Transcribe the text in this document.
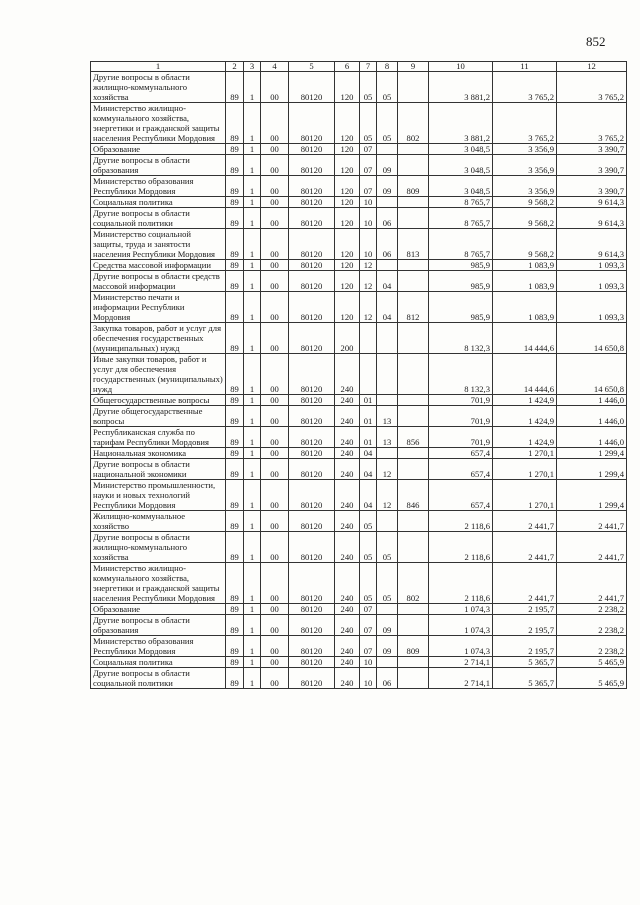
852
1	2	3	4	5	6	7	8	9	10	11	12
Другие вопросы в области жилищно-коммунального хозяйства	89	1	00	80120	120	05	05		3 881,2	3 765,2	3 765,2
Министерство жилищно-коммунального хозяйства, энергетики и гражданской защиты населения Республики Мордовия	89	1	00	80120	120	05	05	802	3 881,2	3 765,2	3 765,2
Образование	89	1	00	80120	120	07			3 048,5	3 356,9	3 390,7
Другие вопросы в области образования	89	1	00	80120	120	07	09		3 048,5	3 356,9	3 390,7
Министерство образования Республики Мордовия	89	1	00	80120	120	07	09	809	3 048,5	3 356,9	3 390,7
Социальная политика	89	1	00	80120	120	10			8 765,7	9 568,2	9 614,3
Другие вопросы в области социальной политики	89	1	00	80120	120	10	06		8 765,7	9 568,2	9 614,3
Министерство социальной защиты, труда и занятости населения Республики Мордовия	89	1	00	80120	120	10	06	813	8 765,7	9 568,2	9 614,3
Средства массовой информации	89	1	00	80120	120	12			985,9	1 083,9	1 093,3
Другие вопросы в области средств массовой информации	89	1	00	80120	120	12	04		985,9	1 083,9	1 093,3
Министерство печати и информации Республики Мордовия	89	1	00	80120	120	12	04	812	985,9	1 083,9	1 093,3
Закупка товаров, работ и услуг для обеспечения государственных (муниципальных) нужд	89	1	00	80120	200				8 132,3	14 444,6	14 650,8
Иные закупки товаров, работ и услуг для обеспечения государственных (муниципальных) нужд	89	1	00	80120	240				8 132,3	14 444,6	14 650,8
Общегосударственные вопросы	89	1	00	80120	240	01			701,9	1 424,9	1 446,0
Другие общегосударственные вопросы	89	1	00	80120	240	01	13		701,9	1 424,9	1 446,0
Республиканская служба по тарифам Республики Мордовия	89	1	00	80120	240	01	13	856	701,9	1 424,9	1 446,0
Национальная экономика	89	1	00	80120	240	04			657,4	1 270,1	1 299,4
Другие вопросы в области национальной экономики	89	1	00	80120	240	04	12		657,4	1 270,1	1 299,4
Министерство промышленности, науки и новых технологий Республики Мордовия	89	1	00	80120	240	04	12	846	657,4	1 270,1	1 299,4
Жилищно-коммунальное хозяйство	89	1	00	80120	240	05			2 118,6	2 441,7	2 441,7
Другие вопросы в области жилищно-коммунального хозяйства	89	1	00	80120	240	05	05		2 118,6	2 441,7	2 441,7
Министерство жилищно-коммунального хозяйства, энергетики и гражданской защиты населения Республики Мордовия	89	1	00	80120	240	05	05	802	2 118,6	2 441,7	2 441,7
Образование	89	1	00	80120	240	07			1 074,3	2 195,7	2 238,2
Другие вопросы в области образования	89	1	00	80120	240	07	09		1 074,3	2 195,7	2 238,2
Министерство образования Республики Мордовия	89	1	00	80120	240	07	09	809	1 074,3	2 195,7	2 238,2
Социальная политика	89	1	00	80120	240	10			2 714,1	5 365,7	5 465,9
Другие вопросы в области социальной политики	89	1	00	80120	240	10	06		2 714,1	5 365,7	5 465,9
